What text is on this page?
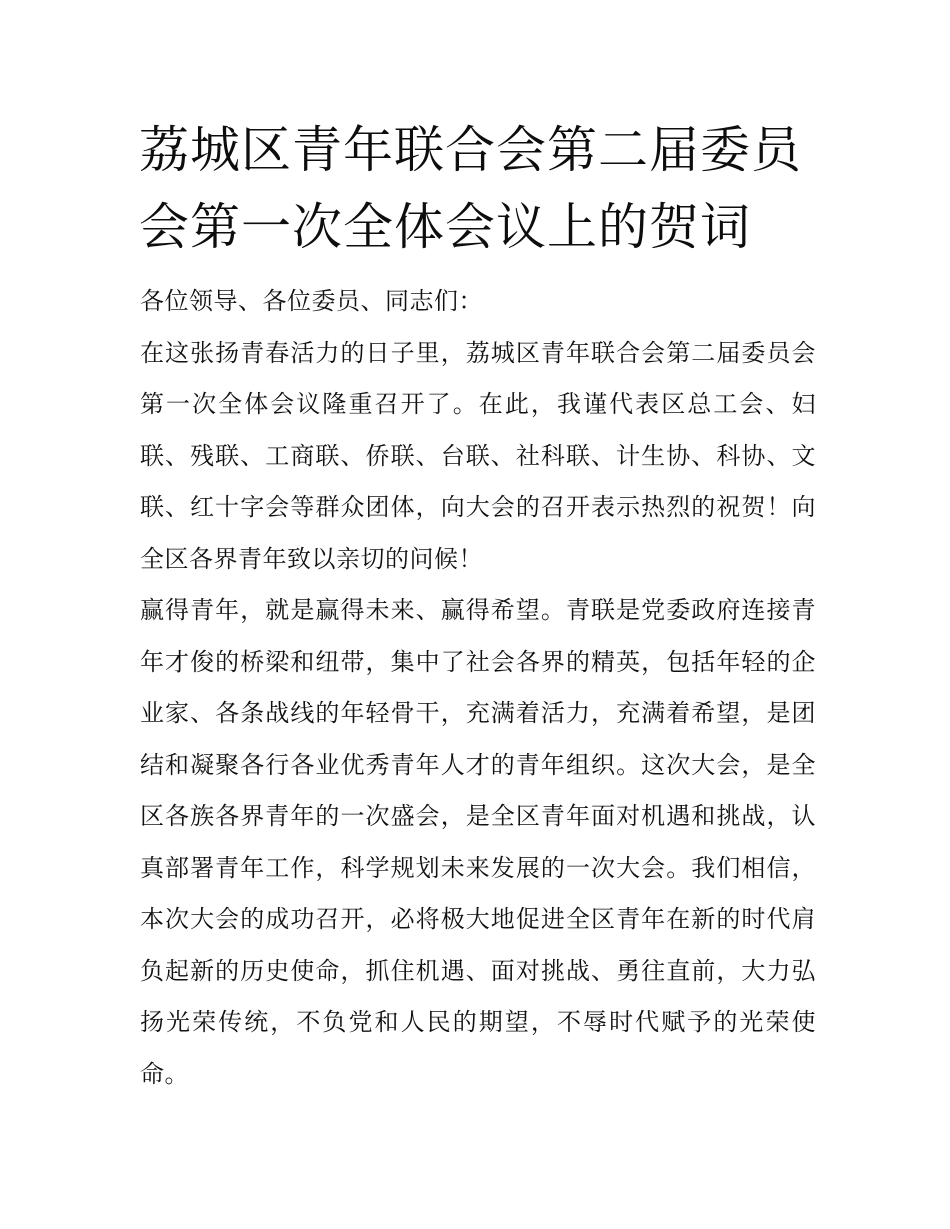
荔城区青年联合会第二届委员会第一次全体会议上的贺词

各位领导、各位委员、同志们：

在这张扬青春活力的日子里，荔城区青年联合会第二届委员会第一次全体会议隆重召开了。在此，我谨代表区总工会、妇联、残联、工商联、侨联、台联、社科联、计生协、科协、文联、红十字会等群众团体，向大会的召开表示热烈的祝贺！向全区各界青年致以亲切的问候！

赢得青年，就是赢得未来、赢得希望。青联是党委政府连接青年才俊的桥梁和纽带，集中了社会各界的精英，包括年轻的企业家、各条战线的年轻骨干，充满着活力，充满着希望，是团结和凝聚各行各业优秀青年人才的青年组织。这次大会，是全区各族各界青年的一次盛会，是全区青年面对机遇和挑战，认真部署青年工作，科学规划未来发展的一次大会。我们相信，本次大会的成功召开，必将极大地促进全区青年在新的时代肩负起新的历史使命，抓住机遇、面对挑战、勇往直前，大力弘扬光荣传统，不负党和人民的期望，不辱时代赋予的光荣使命。
